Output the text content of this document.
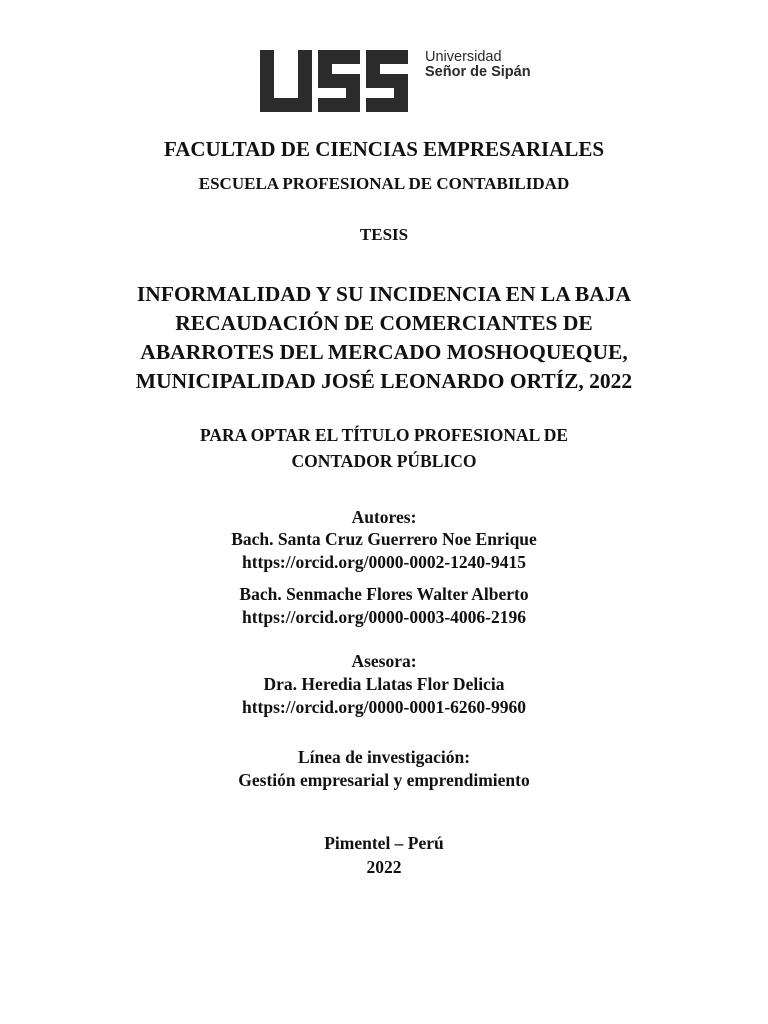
Universidad
Señor de Sipán
FACULTAD DE CIENCIAS EMPRESARIALES
ESCUELA PROFESIONAL DE CONTABILIDAD
TESIS
INFORMALIDAD Y SU INCIDENCIA EN LA BAJA
RECAUDACIÓN DE COMERCIANTES DE
ABARROTES DEL MERCADO MOSHOQUEQUE,
MUNICIPALIDAD JOSÉ LEONARDO ORTÍZ, 2022
PARA OPTAR EL TÍTULO PROFESIONAL DE
CONTADOR PÚBLICO
Autores:
Bach. Santa Cruz Guerrero Noe Enrique
https://orcid.org/0000-0002-1240-9415
Bach. Senmache Flores Walter Alberto
https://orcid.org/0000-0003-4006-2196
Asesora:
Dra. Heredia Llatas Flor Delicia
https://orcid.org/0000-0001-6260-9960
Línea de investigación:
Gestión empresarial y emprendimiento
Pimentel – Perú
2022
